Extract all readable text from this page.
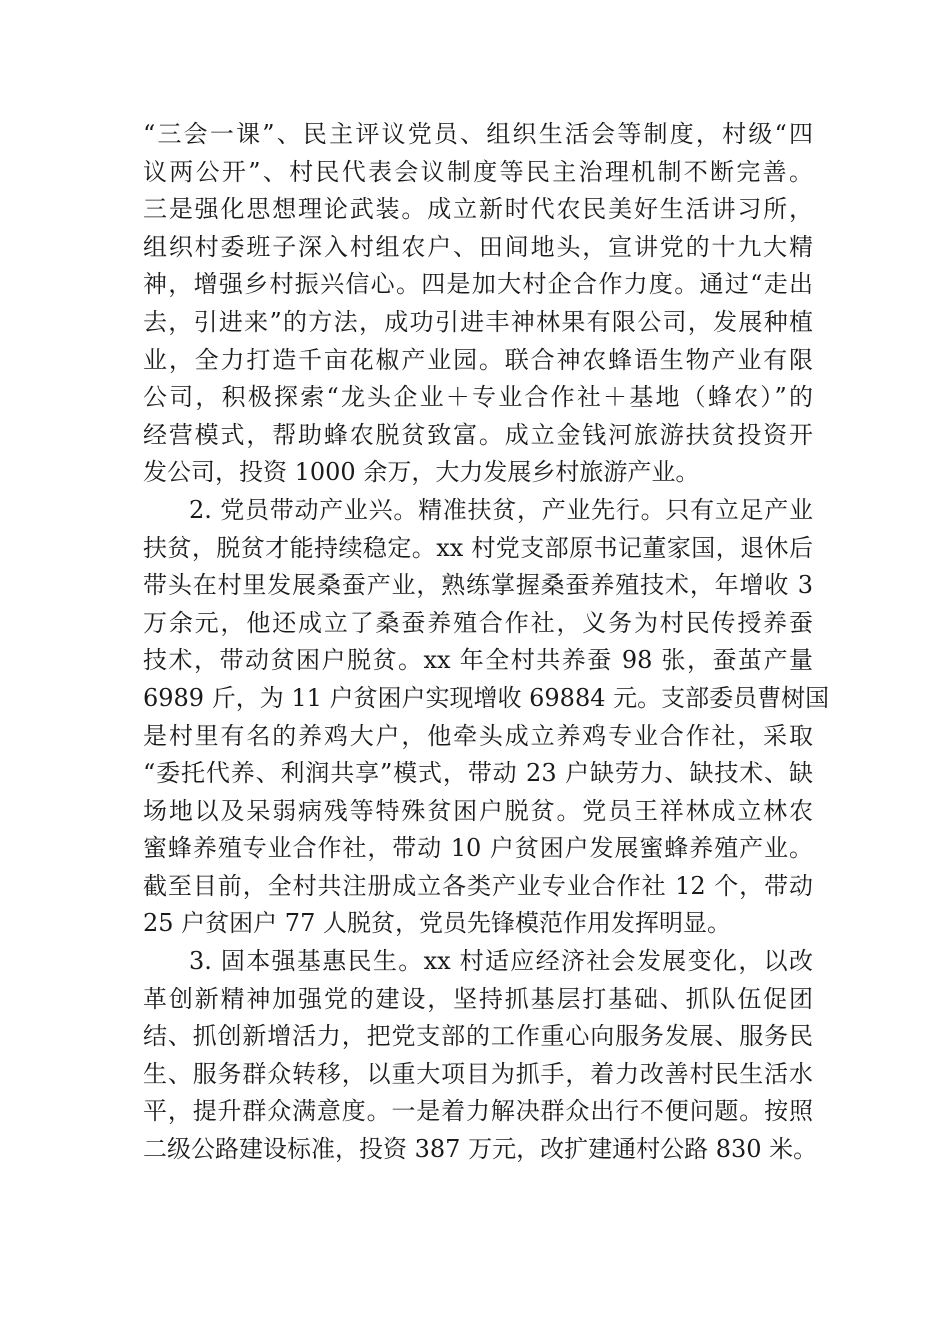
“三会一课”、民主评议党员、组织生活会等制度，村级“四
议两公开”、村民代表会议制度等民主治理机制不断完善。
三是强化思想理论武装。成立新时代农民美好生活讲习所，
组织村委班子深入村组农户、田间地头，宣讲党的十九大精
神，增强乡村振兴信心。四是加大村企合作力度。通过“走出
去，引进来”的方法，成功引进丰神林果有限公司，发展种植
业，全力打造千亩花椒产业园。联合神农蜂语生物产业有限
公司，积极探索“龙头企业＋专业合作社＋基地（蜂农）”的
经营模式，帮助蜂农脱贫致富。成立金钱河旅游扶贫投资开
发公司，投资 1000 余万，大力发展乡村旅游产业。
2. 党员带动产业兴。精准扶贫，产业先行。只有立足产业
扶贫，脱贫才能持续稳定。xx 村党支部原书记董家国，退休后
带头在村里发展桑蚕产业，熟练掌握桑蚕养殖技术，年增收 3
万余元，他还成立了桑蚕养殖合作社，义务为村民传授养蚕
技术，带动贫困户脱贫。xx 年全村共养蚕 98 张，蚕茧产量
6989 斤，为 11 户贫困户实现增收 69884 元。支部委员曹树国
是村里有名的养鸡大户，他牵头成立养鸡专业合作社，采取
“委托代养、利润共享”模式，带动 23 户缺劳力、缺技术、缺
场地以及呆弱病残等特殊贫困户脱贫。党员王祥林成立林农
蜜蜂养殖专业合作社，带动 10 户贫困户发展蜜蜂养殖产业。
截至目前，全村共注册成立各类产业专业合作社 12 个，带动
25 户贫困户 77 人脱贫，党员先锋模范作用发挥明显。
3. 固本强基惠民生。xx 村适应经济社会发展变化，以改
革创新精神加强党的建设，坚持抓基层打基础、抓队伍促团
结、抓创新增活力，把党支部的工作重心向服务发展、服务民
生、服务群众转移，以重大项目为抓手，着力改善村民生活水
平，提升群众满意度。一是着力解决群众出行不便问题。按照
二级公路建设标准，投资 387 万元，改扩建通村公路 830 米。
